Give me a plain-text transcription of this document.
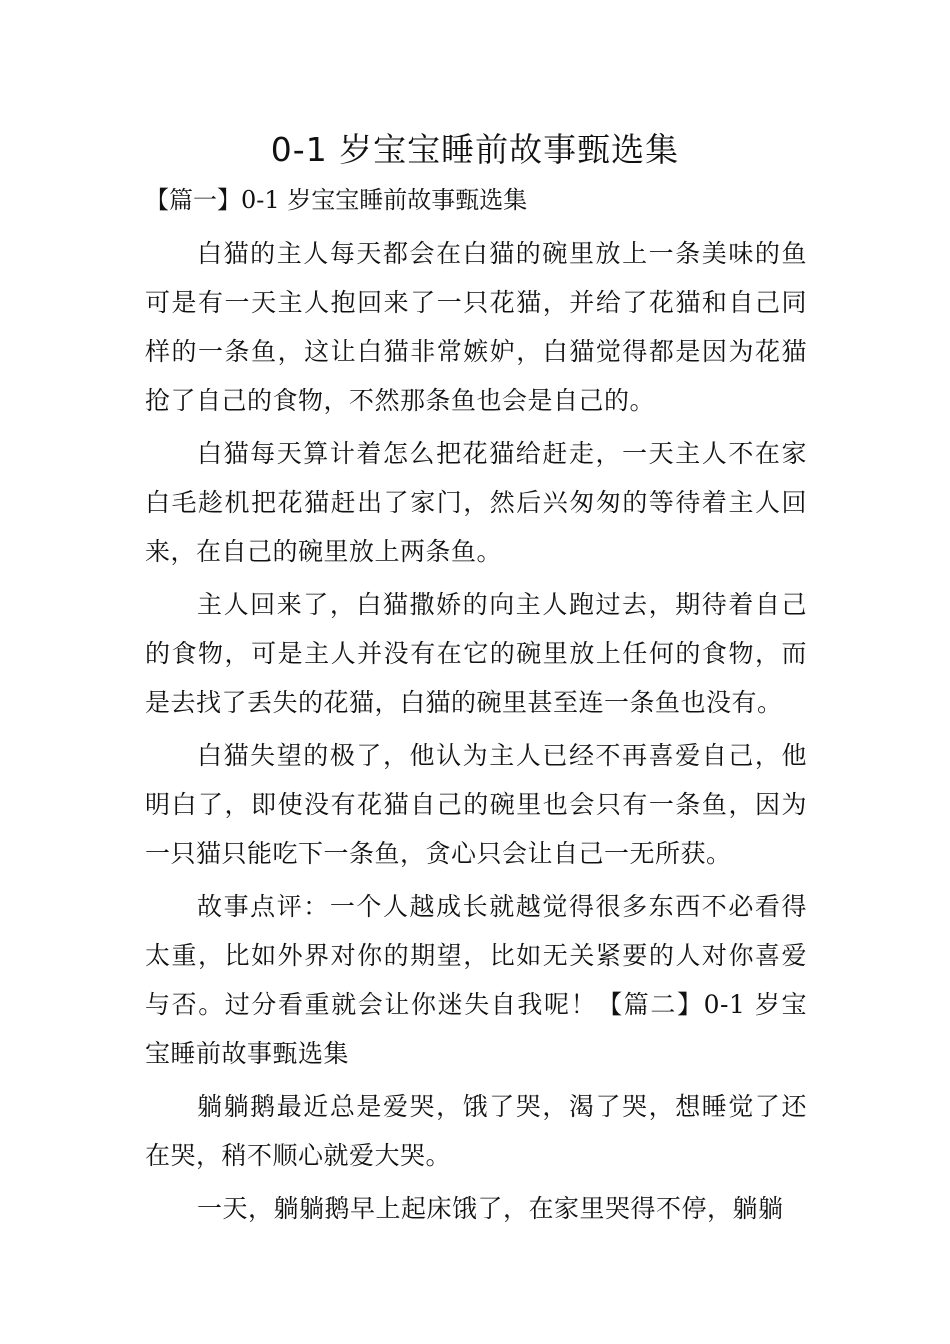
0-1 岁宝宝睡前故事甄选集

【篇一】0-1 岁宝宝睡前故事甄选集

白猫的主人每天都会在白猫的碗里放上一条美味的鱼可是有一天主人抱回来了一只花猫，并给了花猫和自己同样的一条鱼，这让白猫非常嫉妒，白猫觉得都是因为花猫抢了自己的食物，不然那条鱼也会是自己的。

白猫每天算计着怎么把花猫给赶走，一天主人不在家白毛趁机把花猫赶出了家门，然后兴匆匆的等待着主人回来，在自己的碗里放上两条鱼。

主人回来了，白猫撒娇的向主人跑过去，期待着自己的食物，可是主人并没有在它的碗里放上任何的食物，而是去找了丢失的花猫，白猫的碗里甚至连一条鱼也没有。

白猫失望的极了，他认为主人已经不再喜爱自己，他明白了，即使没有花猫自己的碗里也会只有一条鱼，因为一只猫只能吃下一条鱼，贪心只会让自己一无所获。

故事点评：一个人越成长就越觉得很多东西不必看得太重，比如外界对你的期望，比如无关紧要的人对你喜爱与否。过分看重就会让你迷失自我呢！【篇二】0-1 岁宝宝睡前故事甄选集

躺躺鹅最近总是爱哭，饿了哭，渴了哭，想睡觉了还在哭，稍不顺心就爱大哭。

一天，躺躺鹅早上起床饿了，在家里哭得不停，躺躺
